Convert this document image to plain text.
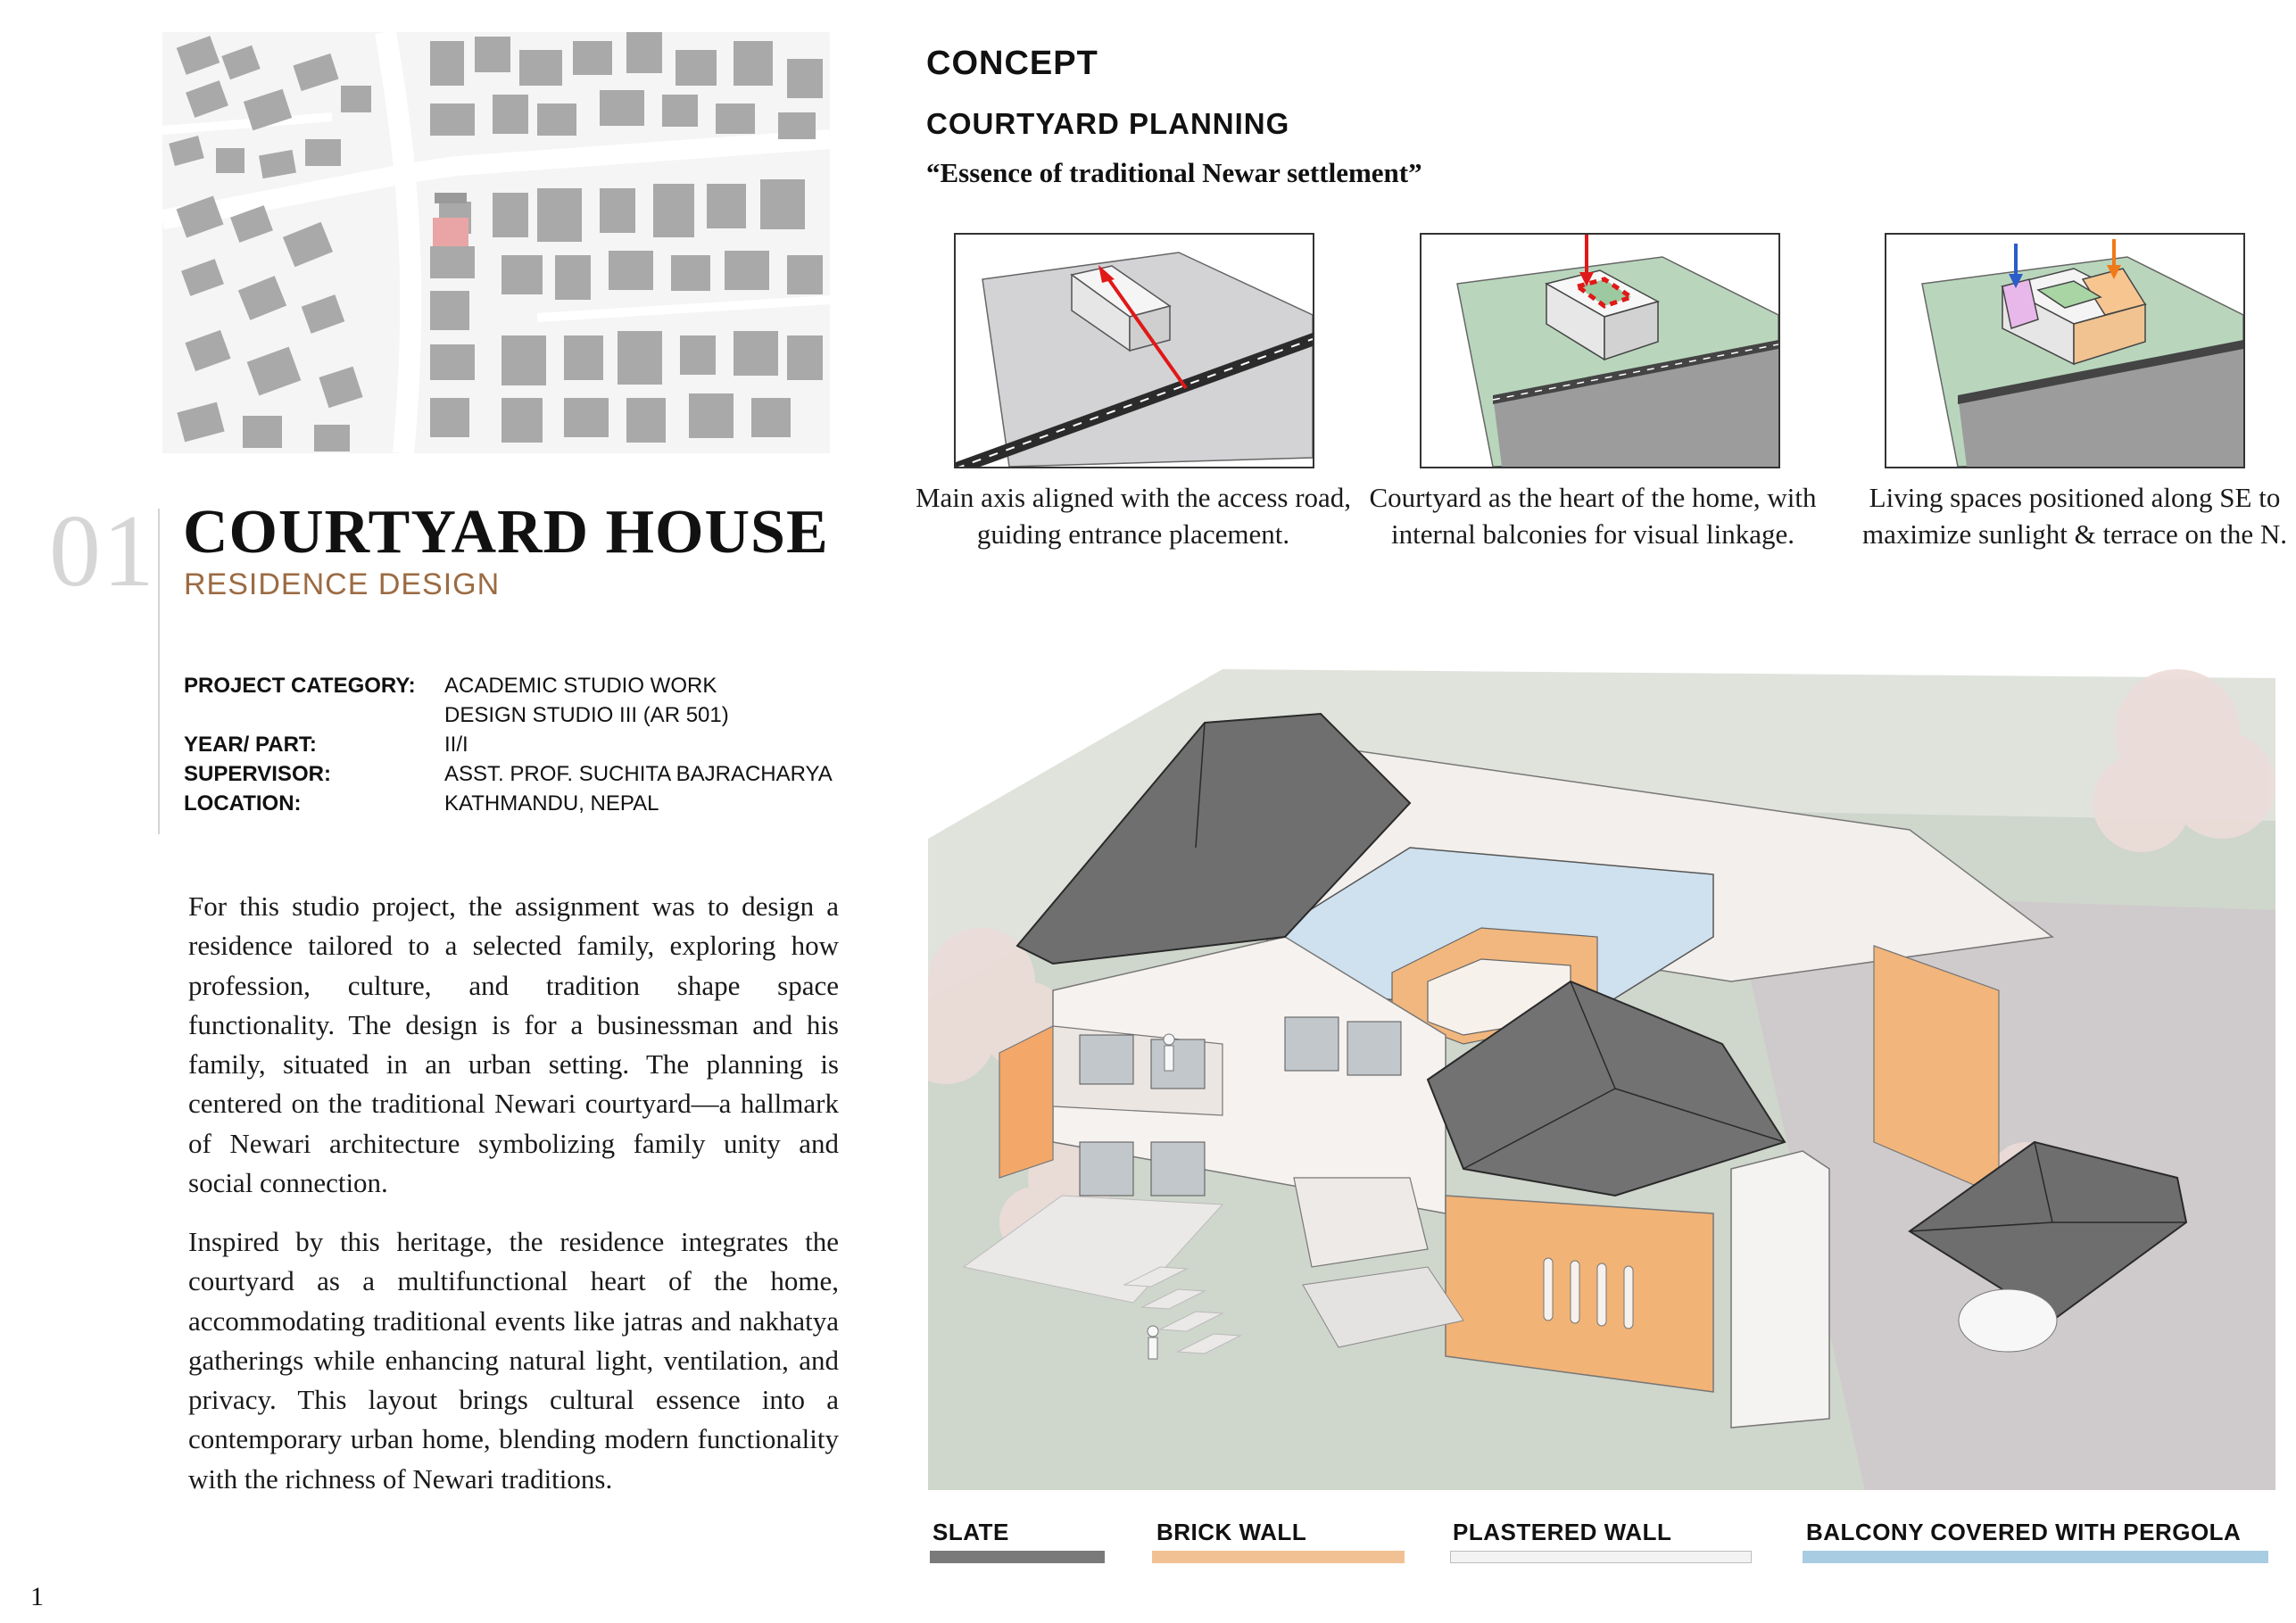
01 COURTYARD HOUSE
RESIDENCE DESIGN
PROJECT CATEGORY:	ACADEMIC STUDIO WORK
DESIGN STUDIO III (AR 501)
YEAR/ PART:	II/I
SUPERVISOR:	ASST. PROF. SUCHITA BAJRACHARYA
LOCATION:	KATHMANDU, NEPAL
For this studio project, the assignment was to design a residence tailored to a selected family, exploring how profession, culture, and tradition shape space functionality. The design is for a businessman and his family, situated in an urban setting. The planning is centered on the traditional Newari courtyard—a hallmark of Newari architecture symbolizing family unity and social connection.
Inspired by this heritage, the residence integrates the courtyard as a multifunctional heart of the home, accommodating traditional events like jatras and nakhatya gatherings while enhancing natural light, ventilation, and privacy. This layout brings cultural essence into a contemporary urban home, blending modern functionality with the richness of Newari traditions.
1
CONCEPT
COURTYARD PLANNING
“Essence of traditional Newar settlement”
Main axis aligned with the access road, guiding entrance placement.
Courtyard as the heart of the home, with internal balconies for visual linkage.
Living spaces positioned along SE to maximize sunlight & terrace on the N.
SLATE	BRICK WALL	PLASTERED WALL	BALCONY COVERED WITH PERGOLA
